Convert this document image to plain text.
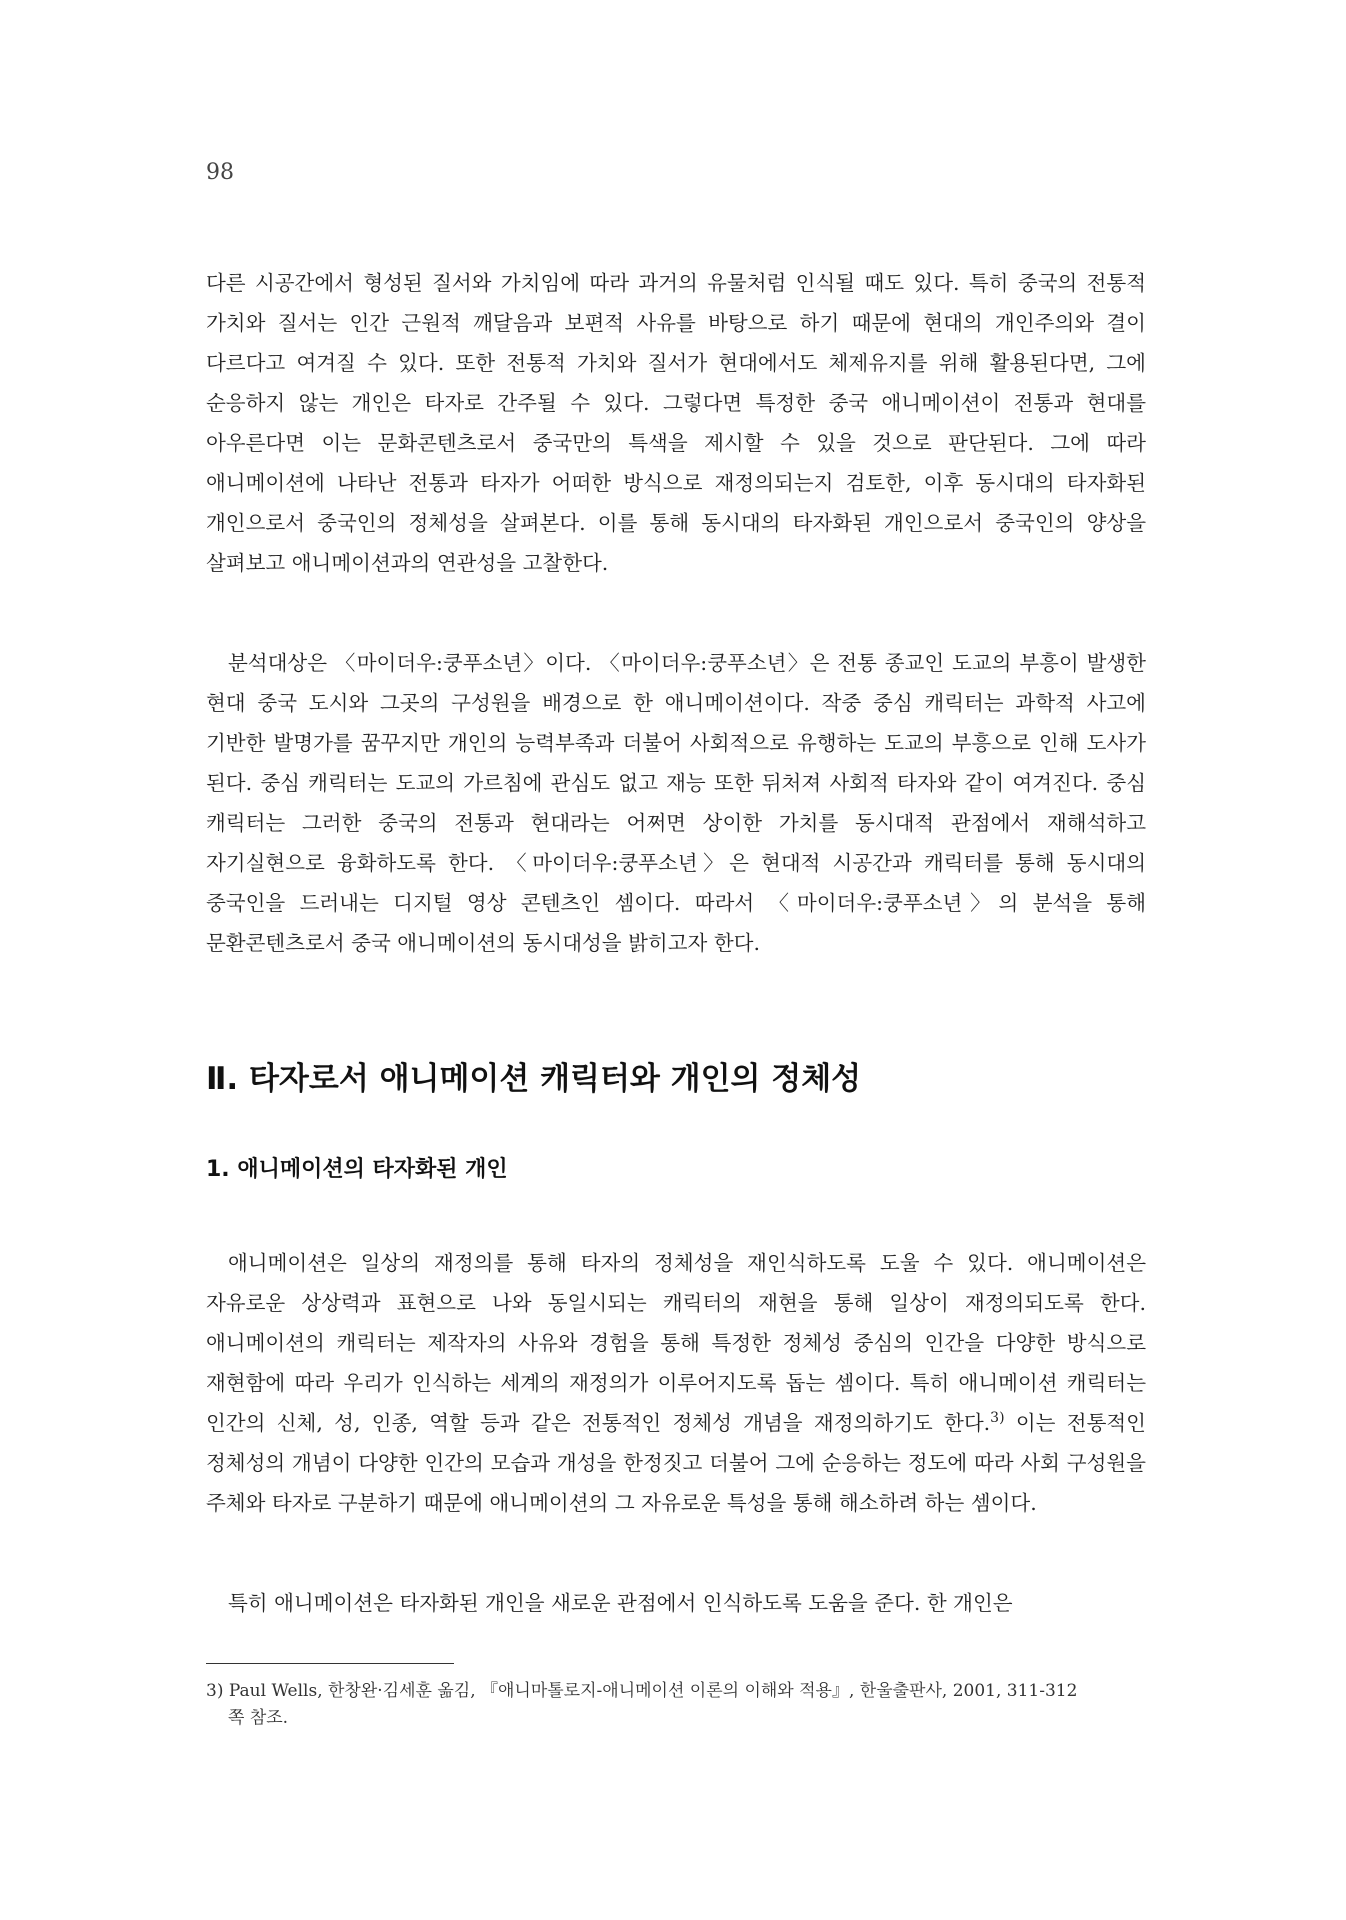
98

다른 시공간에서 형성된 질서와 가치임에 따라 과거의 유물처럼 인식될 때도 있다. 특히 중국의 전통적 가치와 질서는 인간 근원적 깨달음과 보편적 사유를 바탕으로 하기 때문에 현대의 개인주의와 결이 다르다고 여겨질 수 있다. 또한 전통적 가치와 질서가 현대에서도 체제유지를 위해 활용된다면, 그에 순응하지 않는 개인은 타자로 간주될 수 있다. 그렇다면 특정한 중국 애니메이션이 전통과 현대를 아우른다면 이는 문화콘텐츠로서 중국만의 특색을 제시할 수 있을 것으로 판단된다. 그에 따라 애니메이션에 나타난 전통과 타자가 어떠한 방식으로 재정의되는지 검토한, 이후 동시대의 타자화된 개인으로서 중국인의 정체성을 살펴본다. 이를 통해 동시대의 타자화된 개인으로서 중국인의 양상을 살펴보고 애니메이션과의 연관성을 고찰한다.

분석대상은 〈마이더우:쿵푸소년〉이다. 〈마이더우:쿵푸소년〉은 전통 종교인 도교의 부흥이 발생한 현대 중국 도시와 그곳의 구성원을 배경으로 한 애니메이션이다. 작중 중심 캐릭터는 과학적 사고에 기반한 발명가를 꿈꾸지만 개인의 능력부족과 더불어 사회적으로 유행하는 도교의 부흥으로 인해 도사가 된다. 중심 캐릭터는 도교의 가르침에 관심도 없고 재능 또한 뒤처져 사회적 타자와 같이 여겨진다. 중심 캐릭터는 그러한 중국의 전통과 현대라는 어쩌면 상이한 가치를 동시대적 관점에서 재해석하고 자기실현으로 융화하도록 한다. 〈마이더우:쿵푸소년〉은 현대적 시공간과 캐릭터를 통해 동시대의 중국인을 드러내는 디지털 영상 콘텐츠인 셈이다. 따라서 〈마이더우:쿵푸소년〉의 분석을 통해 문환콘텐츠로서 중국 애니메이션의 동시대성을 밝히고자 한다.

Ⅱ. 타자로서 애니메이션 캐릭터와 개인의 정체성
1. 애니메이션의 타자화된 개인

애니메이션은 일상의 재정의를 통해 타자의 정체성을 재인식하도록 도울 수 있다. 애니메이션은 자유로운 상상력과 표현으로 나와 동일시되는 캐릭터의 재현을 통해 일상이 재정의되도록 한다. 애니메이션의 캐릭터는 제작자의 사유와 경험을 통해 특정한 정체성 중심의 인간을 다양한 방식으로 재현함에 따라 우리가 인식하는 세계의 재정의가 이루어지도록 돕는 셈이다. 특히 애니메이션 캐릭터는 인간의 신체, 성, 인종, 역할 등과 같은 전통적인 정체성 개념을 재정의하기도 한다.$^{3)}$ 이는 전통적인 정체성의 개념이 다양한 인간의 모습과 개성을 한정짓고 더불어 그에 순응하는 정도에 따라 사회 구성원을 주체와 타자로 구분하기 때문에 애니메이션의 그 자유로운 특성을 통해 해소하려 하는 셈이다.

특히 애니메이션은 타자화된 개인을 새로운 관점에서 인식하도록 도움을 준다. 한 개인은

3) Paul Wells, 한창완·김세훈 옮김, 『애니마톨로지-애니메이션 이론의 이해와 적용』, 한울출판사, 2001, 311-312
쪽 참조.
